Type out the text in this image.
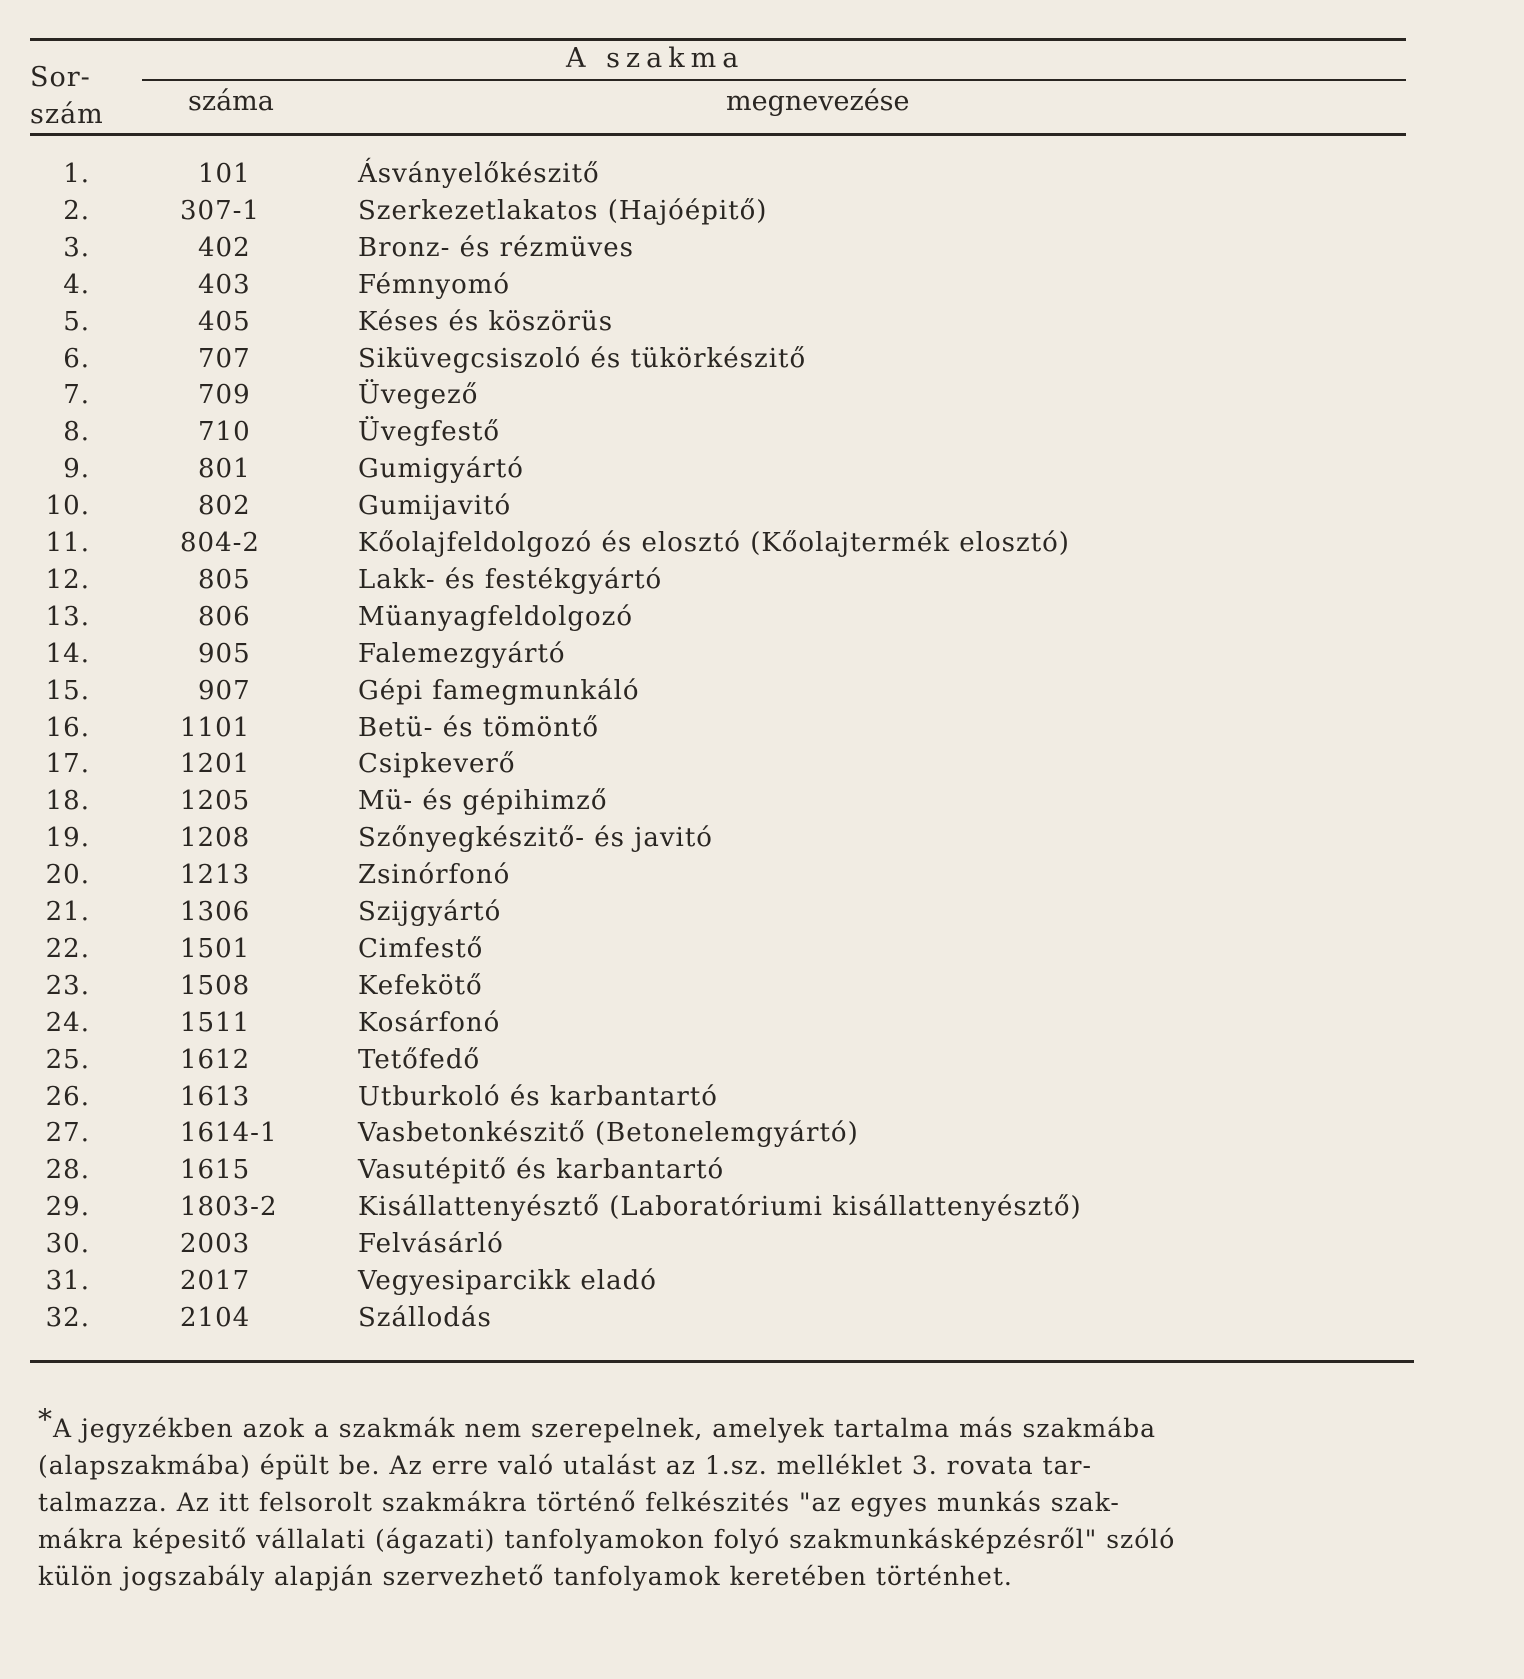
Sor-
szám
A szakma
száma	megnevezése
1.	101	Ásványelőkészitő
2.	307-1	Szerkezetlakatos (Hajóépitő)
3.	402	Bronz- és rézmüves
4.	403	Fémnyomó
5.	405	Késes és köszörüs
6.	707	Siküvegcsiszoló és tükörkészitő
7.	709	Üvegező
8.	710	Üvegfestő
9.	801	Gumigyártó
10.	802	Gumijavitó
11.	804-2	Kőolajfeldolgozó és elosztó (Kőolajtermék elosztó)
12.	805	Lakk- és festékgyártó
13.	806	Müanyagfeldolgozó
14.	905	Falemezgyártó
15.	907	Gépi famegmunkáló
16.	1101	Betü- és tömöntő
17.	1201	Csipkeverő
18.	1205	Mü- és gépihimző
19.	1208	Szőnyegkészitő- és javitó
20.	1213	Zsinórfonó
21.	1306	Szijgyártó
22.	1501	Cimfestő
23.	1508	Kefekötő
24.	1511	Kosárfonó
25.	1612	Tetőfedő
26.	1613	Utburkoló és karbantartó
27.	1614-1	Vasbetonkészitő (Betonelemgyártó)
28.	1615	Vasutépitő és karbantartó
29.	1803-2	Kisállattenyésztő (Laboratóriumi kisállattenyésztő)
30.	2003	Felvásárló
31.	2017	Vegyesiparcikk eladó
32.	2104	Szállodás
*A jegyzékben azok a szakmák nem szerepelnek, amelyek tartalma más szakmába
(alapszakmába) épült be. Az erre való utalást az 1.sz. melléklet 3. rovata tar-
talmazza. Az itt felsorolt szakmákra történő felkészités "az egyes munkás szak-
mákra képesitő vállalati (ágazati) tanfolyamokon folyó szakmunkásképzésről" szóló
külön jogszabály alapján szervezhető tanfolyamok keretében történhet.
